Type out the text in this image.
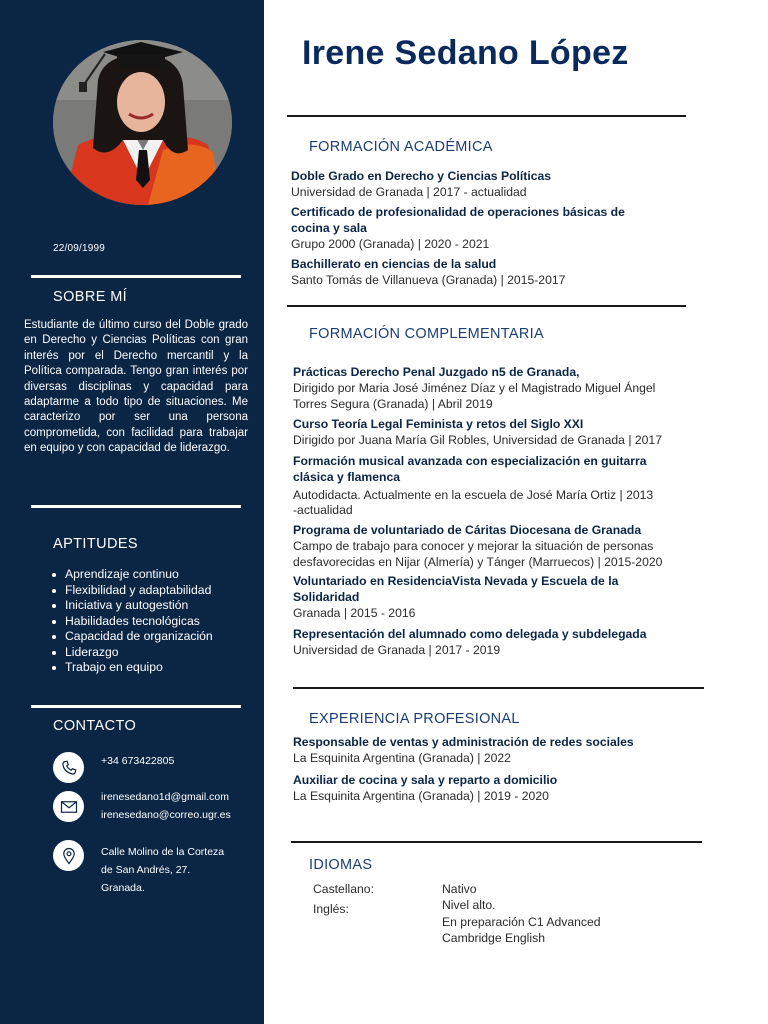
22/09/1999
SOBRE MÍ

Estudiante de último curso del Doble grado en Derecho y Ciencias Políticas con gran interés por el Derecho mercantil y la Política comparada. Tengo gran interés por diversas disciplinas y capacidad para adaptarme a todo tipo de situaciones. Me caracterizo por ser una persona comprometida, con facilidad para trabajar en equipo y con capacidad de liderazgo.

APTITUDES
Aprendizaje continuo
Flexibilidad y adaptabilidad
Iniciativa y autogestión
Habilidades tecnológicas
Capacidad de organización
Liderazgo
Trabajo en equipo
CONTACTO
+34 673422805
irenesedano1d@gmail.com
irenesedano@correo.ugr.es
Calle Molino de la Corteza
de San Andrés, 27.
Granada.
Irene Sedano López
FORMACIÓN ACADÉMICA
Doble Grado en Derecho y Ciencias Políticas
Universidad de Granada | 2017 - actualidad
Certificado de profesionalidad de operaciones básicas de
cocina y sala
Grupo 2000 (Granada) | 2020 - 2021
Bachillerato en ciencias de la salud
Santo Tomás de Villanueva (Granada) | 2015-2017
FORMACIÓN COMPLEMENTARIA
Prácticas Derecho Penal Juzgado n5 de Granada,
Dirigido por Maria José Jiménez Díaz y el Magistrado Miguel Ángel
Torres Segura (Granada) | Abril 2019
Curso Teoría Legal Feminista y retos del Siglo XXI
Dirigido por Juana María Gil Robles, Universidad de Granada | 2017
Formación musical avanzada con especialización en guitarra
clásica y flamenca
Autodidacta. Actualmente en la escuela de José María Ortiz | 2013
-actualidad
Programa de voluntariado de Cáritas Diocesana de Granada
Campo de trabajo para conocer y mejorar la situación de personas
desfavorecidas en Nijar (Almería) y Tánger (Marruecos) | 2015-2020
Voluntariado en ResidenciaVista Nevada y Escuela de la
Solidaridad
Granada | 2015 - 2016
Representación del alumnado como delegada y subdelegada
Universidad de Granada | 2017 - 2019
EXPERIENCIA PROFESIONAL
Responsable de ventas y administración de redes sociales
La Esquinita Argentina (Granada) | 2022
Auxiliar de cocina y sala y reparto a domicilio
La Esquinita Argentina (Granada) | 2019 - 2020
IDIOMAS
Castellano:	Nativo
Inglés:	Nivel alto.
En preparación C1 Advanced
Cambridge English
